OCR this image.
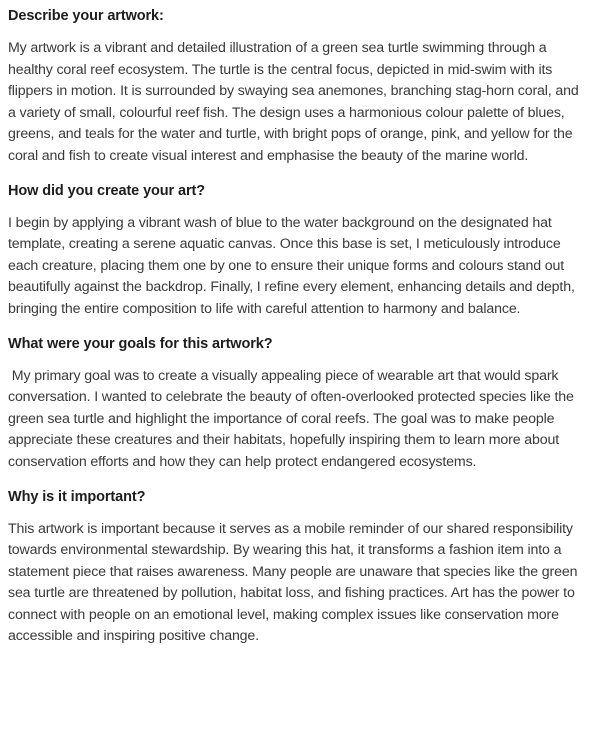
Describe your artwork:

My artwork is a vibrant and detailed illustration of a green sea turtle swimming through a healthy coral reef ecosystem. The turtle is the central focus, depicted in mid-swim with its flippers in motion. It is surrounded by swaying sea anemones, branching stag-horn coral, and a variety of small, colourful reef fish. The design uses a harmonious colour palette of blues, greens, and teals for the water and turtle, with bright pops of orange, pink, and yellow for the coral and fish to create visual interest and emphasise the beauty of the marine world.

How did you create your art?

I begin by applying a vibrant wash of blue to the water background on the designated hat template, creating a serene aquatic canvas. Once this base is set, I meticulously introduce each creature, placing them one by one to ensure their unique forms and colours stand out beautifully against the backdrop. Finally, I refine every element, enhancing details and depth, bringing the entire composition to life with careful attention to harmony and balance.

What were your goals for this artwork?

My primary goal was to create a visually appealing piece of wearable art that would spark conversation. I wanted to celebrate the beauty of often-overlooked protected species like the green sea turtle and highlight the importance of coral reefs. The goal was to make people appreciate these creatures and their habitats, hopefully inspiring them to learn more about conservation efforts and how they can help protect endangered ecosystems.

Why is it important?

This artwork is important because it serves as a mobile reminder of our shared responsibility towards environmental stewardship. By wearing this hat, it transforms a fashion item into a statement piece that raises awareness. Many people are unaware that species like the green sea turtle are threatened by pollution, habitat loss, and fishing practices. Art has the power to connect with people on an emotional level, making complex issues like conservation more accessible and inspiring positive change.
